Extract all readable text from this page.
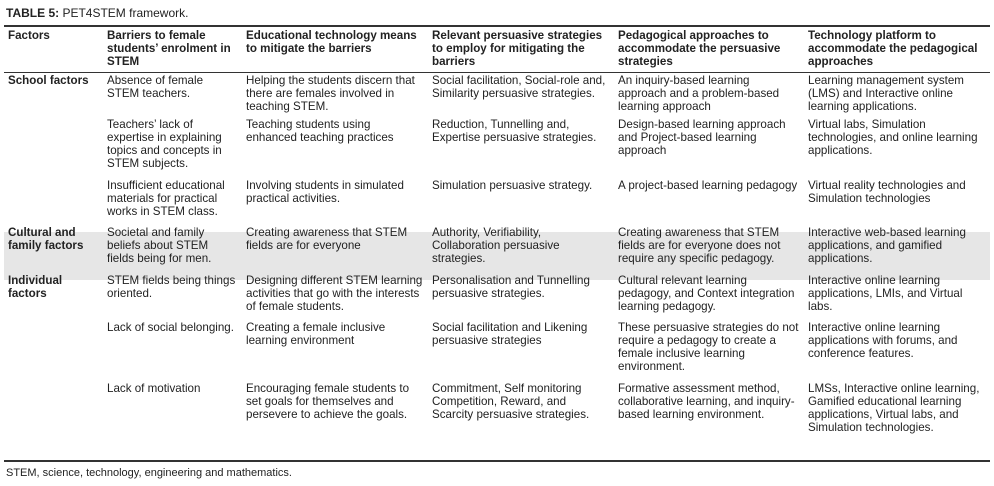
TABLE 5: PET4STEM framework.
Factors	Barriers to female students’ enrolment in STEM	Educational technology means to mitigate the barriers	Relevant persuasive strategies to employ for mitigating the barriers	Pedagogical approaches to accommodate the persuasive strategies	Technology platform to accommodate the pedagogical approaches
School factors	Absence of female STEM teachers.	Helping the students discern that there are females involved in teaching STEM.	Social facilitation, Social-role and, Similarity persuasive strategies.	An inquiry-based learning approach and a problem-based learning approach	Learning management system (LMS) and Interactive online learning applications.
	Teachers’ lack of expertise in explaining topics and concepts in STEM subjects.	Teaching students using enhanced teaching practices	Reduction, Tunnelling and, Expertise persuasive strategies.	Design-based learning approach and Project-based learning approach	Virtual labs, Simulation technologies, and online learning applications.
	Insufficient educational materials for practical works in STEM class.	Involving students in simulated practical activities.	Simulation persuasive strategy.	A project-based learning pedagogy	Virtual reality technologies and Simulation technologies
Cultural and family factors	Societal and family beliefs about STEM fields being for men.	Creating awareness that STEM fields are for everyone	Authority, Verifiability, Collaboration persuasive strategies.	Creating awareness that STEM fields are for everyone does not require any specific pedagogy.	Interactive web-based learning applications, and gamified applications.
Individual factors	STEM fields being things oriented.	Designing different STEM learning activities that go with the interests of female students.	Personalisation and Tunnelling persuasive strategies.	Cultural relevant learning pedagogy, and Context integration learning pedagogy.	Interactive online learning applications, LMIs, and Virtual labs.
	Lack of social belonging.	Creating a female inclusive learning environment	Social facilitation and Likening persuasive strategies	These persuasive strategies do not require a pedagogy to create a female inclusive learning environment.	Interactive online learning applications with forums, and conference features.
	Lack of motivation	Encouraging female students to set goals for themselves and persevere to achieve the goals.	Commitment, Self monitoring Competition, Reward, and Scarcity persuasive strategies.	Formative assessment method, collaborative learning, and inquiry-based learning environment.	LMSs, Interactive online learning, Gamified educational learning applications, Virtual labs, and Simulation technologies.
STEM, science, technology, engineering and mathematics.
